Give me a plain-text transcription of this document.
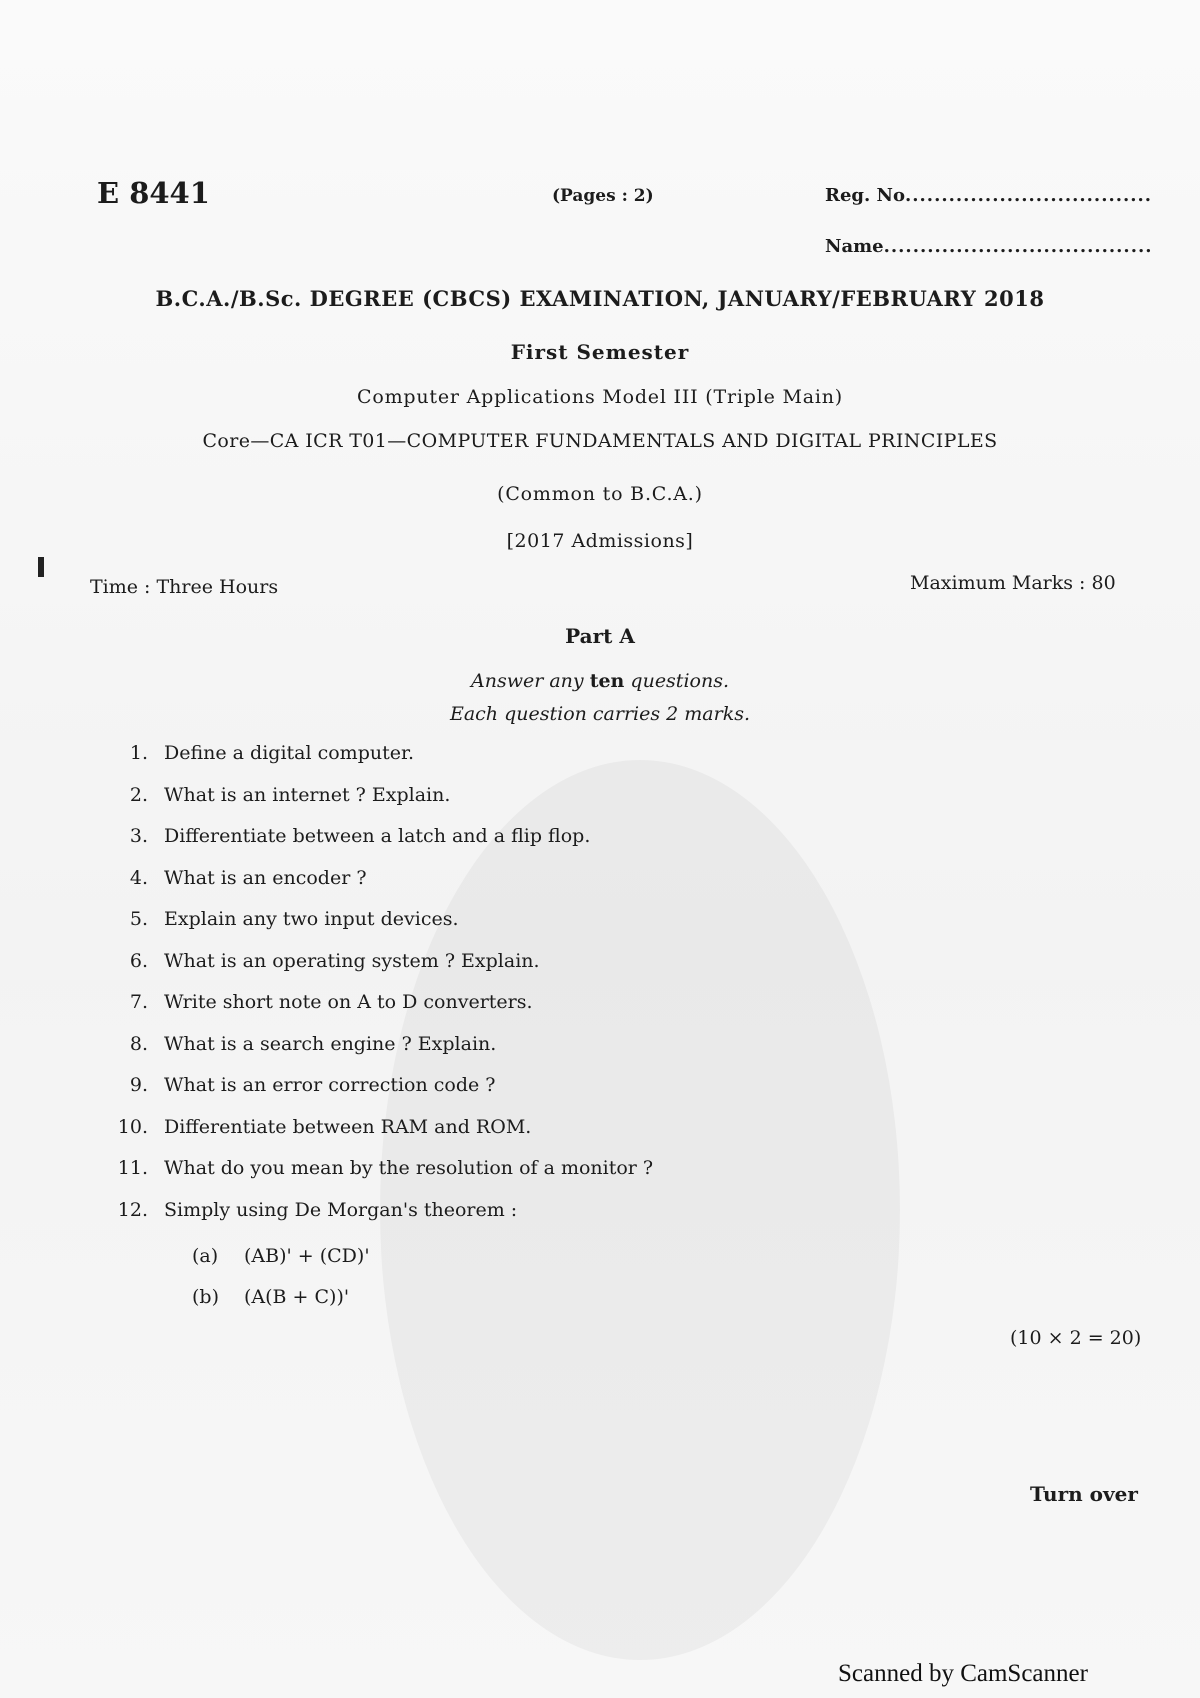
E 8441	(Pages : 2)	Reg. No..................................
Name.....................................
B.C.A./B.Sc. DEGREE (CBCS) EXAMINATION, JANUARY/FEBRUARY 2018
First Semester
Computer Applications Model III (Triple Main)
Core—CA ICR T01—COMPUTER FUNDAMENTALS AND DIGITAL PRINCIPLES
(Common to B.C.A.)
[2017 Admissions]
Time : Three Hours	Maximum Marks : 80
Part A
Answer any ten questions.
Each question carries 2 marks.
1. Define a digital computer.
2. What is an internet ? Explain.
3. Differentiate between a latch and a flip flop.
4. What is an encoder ?
5. Explain any two input devices.
6. What is an operating system ? Explain.
7. Write short note on A to D converters.
8. What is a search engine ? Explain.
9. What is an error correction code ?
10. Differentiate between RAM and ROM.
11. What do you mean by the resolution of a monitor ?
12. Simply using De Morgan's theorem :
(a)	(AB)' + (CD)'
(b)	(A(B + C))'
(10 × 2 = 20)
Turn over
Scanned by CamScanner
